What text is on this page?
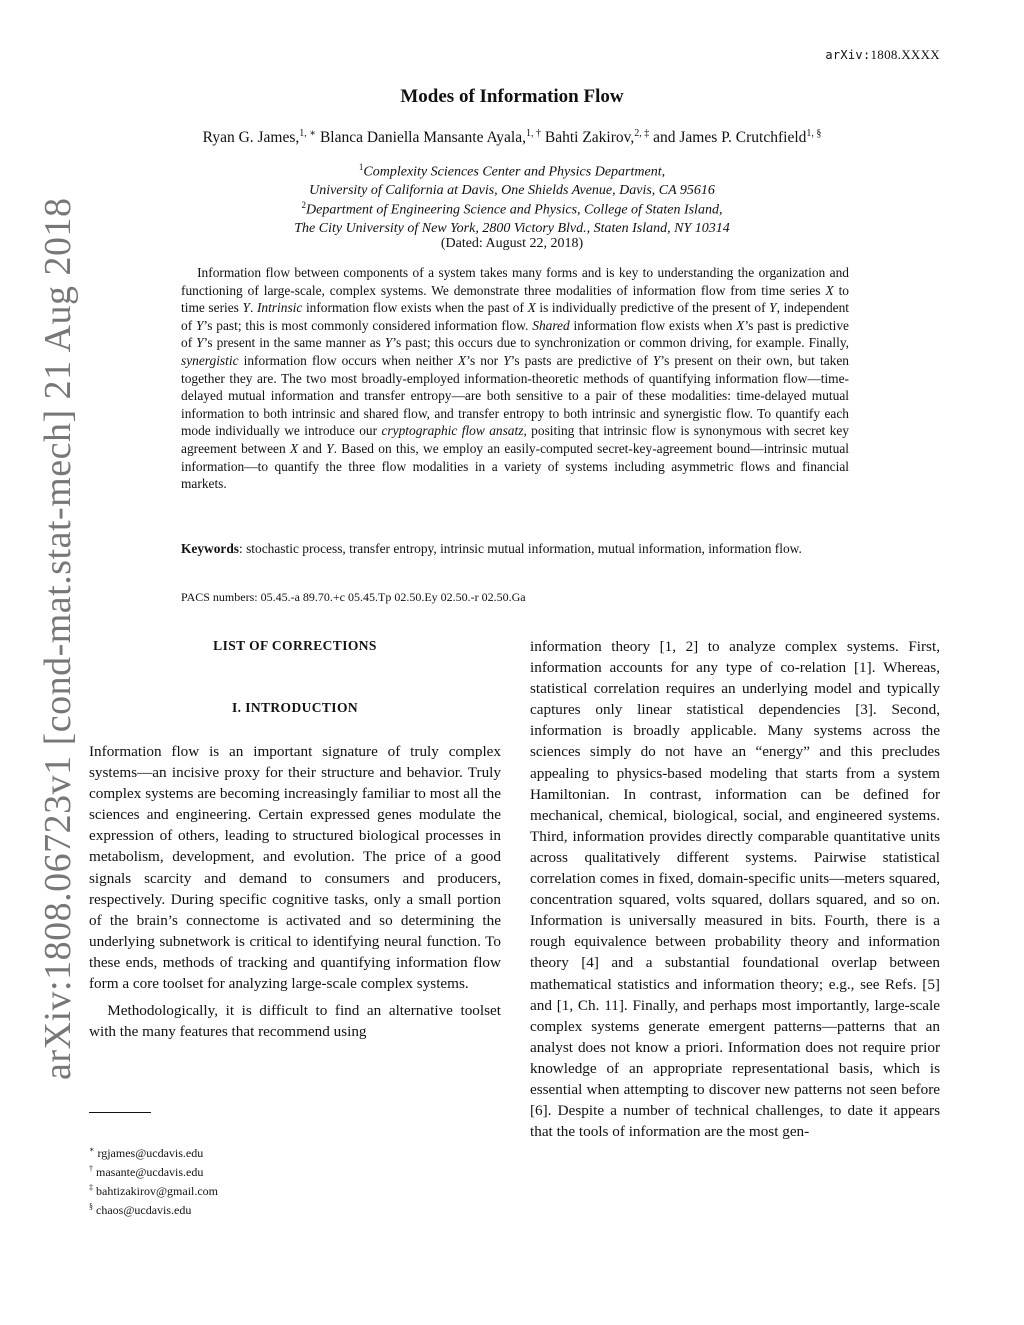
arXiv:1808.XXXX
arXiv:1808.06723v1 [cond-mat.stat-mech] 21 Aug 2018
Modes of Information Flow
Ryan G. James,$^{1, ∗}$ Blanca Daniella Mansante Ayala,$^{1, \dagger}$ Bahti Zakirov,$^{2, \ddagger}$ and James P. Crutchfield$^{1, \S}$
$^1$Complexity Sciences Center and Physics Department,
University of California at Davis, One Shields Avenue, Davis, CA 95616
$^2$Department of Engineering Science and Physics, College of Staten Island,
The City University of New York, 2800 Victory Blvd., Staten Island, NY 10314
(Dated: August 22, 2018)

Information flow between components of a system takes many forms and is key to understanding the organization and functioning of large-scale, complex systems. We demonstrate three modalities of information flow from time series X to time series Y. Intrinsic information flow exists when the past of X is individually predictive of the present of Y, independent of Y’s past; this is most commonly considered information flow. Shared information flow exists when X’s past is predictive of Y’s present in the same manner as Y’s past; this occurs due to synchronization or common driving, for example. Finally, synergistic information flow occurs when neither X’s nor Y’s pasts are predictive of Y’s present on their own, but taken together they are. The two most broadly-employed information-theoretic methods of quantifying information flow—time-delayed mutual information and transfer entropy—are both sensitive to a pair of these modalities: time-delayed mutual information to both intrinsic and shared flow, and transfer entropy to both intrinsic and synergistic flow. To quantify each mode individually we introduce our cryptographic flow ansatz, positing that intrinsic flow is synonymous with secret key agreement between X and Y. Based on this, we employ an easily-computed secret-key-agreement bound—intrinsic mutual information—to quantify the three flow modalities in a variety of systems including asymmetric flows and financial markets.

Keywords: stochastic process, transfer entropy, intrinsic mutual information, mutual information, information flow.
PACS numbers: 05.45.-a 89.70.+c 05.45.Tp 02.50.Ey 02.50.-r 02.50.Ga
LIST OF CORRECTIONS
I. INTRODUCTION

Information flow is an important signature of truly complex systems—an incisive proxy for their structure and behavior. Truly complex systems are becoming increasingly familiar to most all the sciences and engineering. Certain expressed genes modulate the expression of others, leading to structured biological processes in metabolism, development, and evolution. The price of a good signals scarcity and demand to consumers and producers, respectively. During specific cognitive tasks, only a small portion of the brain’s connectome is activated and so determining the underlying subnetwork is critical to identifying neural function. To these ends, methods of tracking and quantifying information flow form a core toolset for analyzing large-scale complex systems.

Methodologically, it is difficult to find an alternative toolset with the many features that recommend using

information theory [1, 2] to analyze complex systems. First, information accounts for any type of co-relation [1]. Whereas, statistical correlation requires an underlying model and typically captures only linear statistical dependencies [3]. Second, information is broadly applicable. Many systems across the sciences simply do not have an “energy” and this precludes appealing to physics-based modeling that starts from a system Hamiltonian. In contrast, information can be defined for mechanical, chemical, biological, social, and engineered systems. Third, information provides directly comparable quantitative units across qualitatively different systems. Pairwise statistical correlation comes in fixed, domain-specific units—meters squared, concentration squared, volts squared, dollars squared, and so on. Information is universally measured in bits. Fourth, there is a rough equivalence between probability theory and information theory [4] and a substantial foundational overlap between mathematical statistics and information theory; e.g., see Refs. [5] and [1, Ch. 11]. Finally, and perhaps most importantly, large-scale complex systems generate emergent patterns—patterns that an analyst does not know a priori. Information does not require prior knowledge of an appropriate representational basis, which is essential when attempting to discover new patterns not seen before [6]. Despite a number of technical challenges, to date it appears that the tools of information are the most gen-

∗ rgjames@ucdavis.edu
† masante@ucdavis.edu
‡ bahtizakirov@gmail.com
§ chaos@ucdavis.edu
